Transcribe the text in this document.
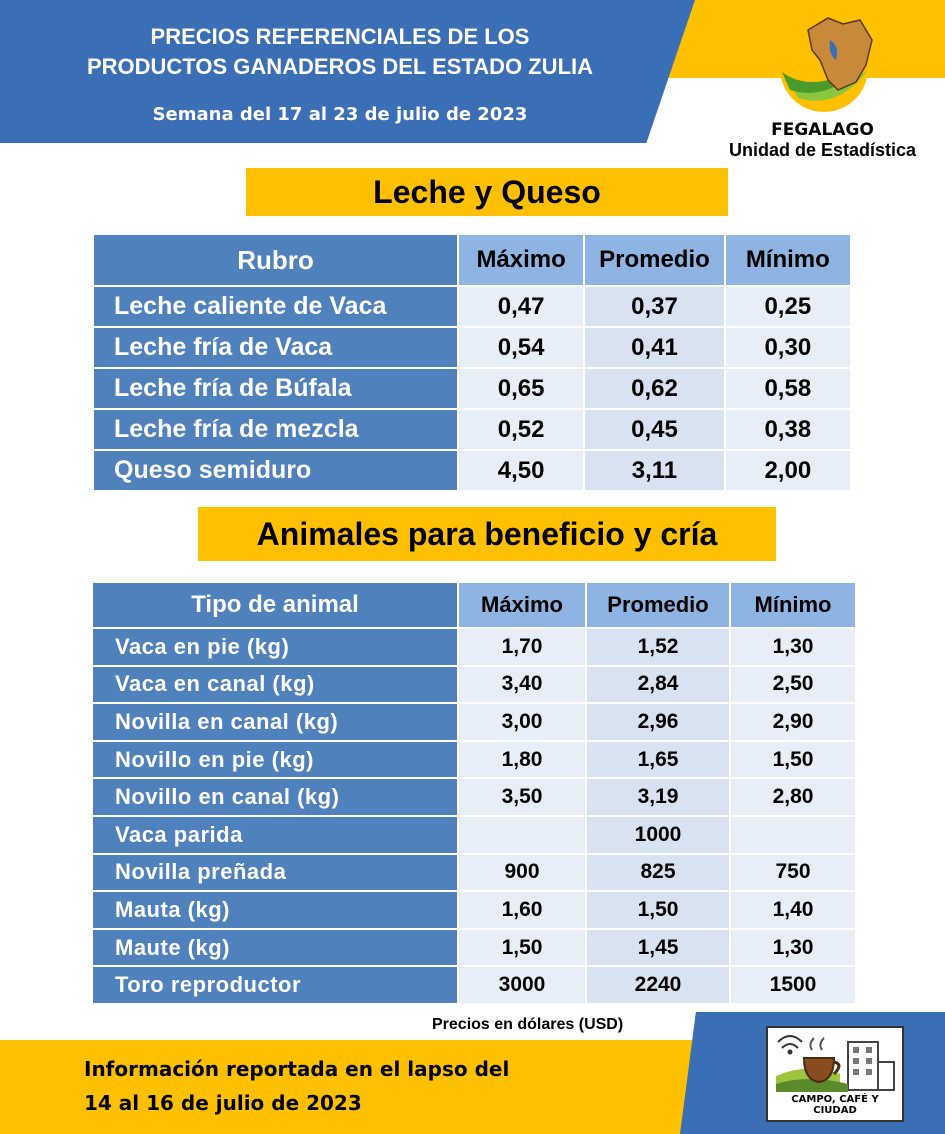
PRECIOS REFERENCIALES DE LOS
PRODUCTOS GANADEROS DEL ESTADO ZULIA
Semana del 17 al 23 de julio de 2023
FEGALAGO
Unidad de Estadística
Leche y Queso
Rubro	Máximo	Promedio	Mínimo
Leche caliente de Vaca	0,47	0,37	0,25
Leche fría de Vaca	0,54	0,41	0,30
Leche fría de Búfala	0,65	0,62	0,58
Leche fría de mezcla	0,52	0,45	0,38
Queso semiduro	4,50	3,11	2,00
Animales para beneficio y cría
Tipo de animal	Máximo	Promedio	Mínimo
Vaca en pie (kg)	1,70	1,52	1,30
Vaca en canal (kg)	3,40	2,84	2,50
Novilla en canal (kg)	3,00	2,96	2,90
Novillo en pie (kg)	1,80	1,65	1,50
Novillo en canal (kg)	3,50	3,19	2,80
Vaca parida		1000	
Novilla preñada	900	825	750
Mauta (kg)	1,60	1,50	1,40
Maute (kg)	1,50	1,45	1,30
Toro reproductor	3000	2240	1500
Precios en dólares (USD)
Información reportada en el lapso del
14 al 16 de julio de 2023	CAMPO, CAFÉ Y CIUDAD
